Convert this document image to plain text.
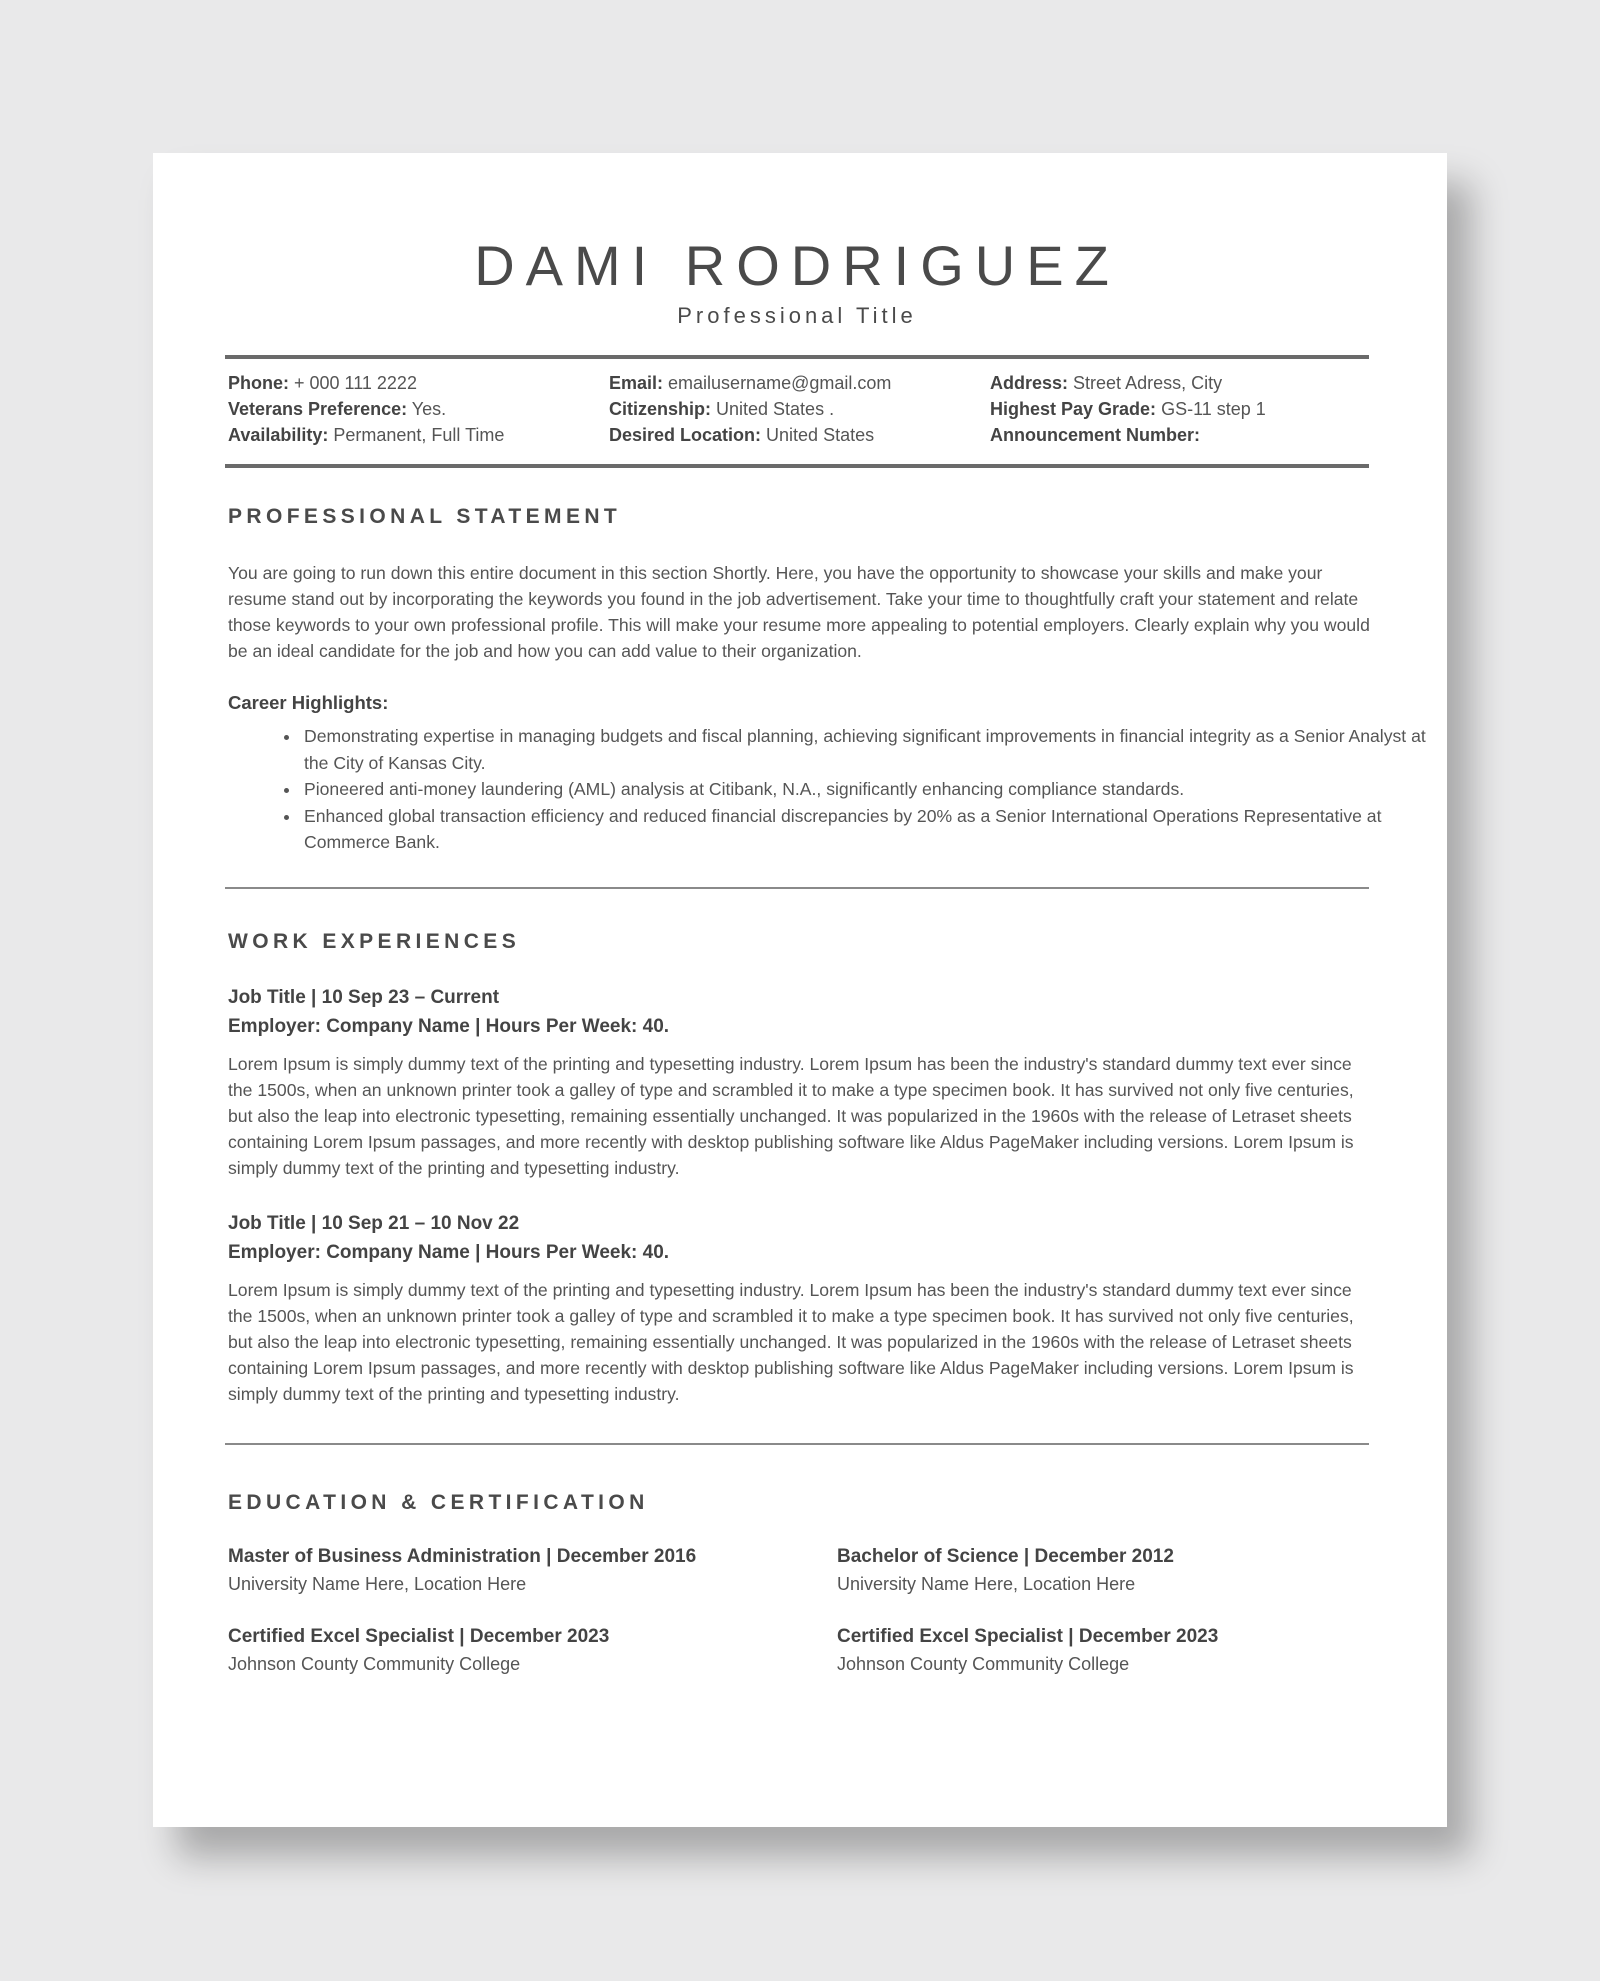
DAMI RODRIGUEZ
Professional Title
Phone: + 000 111 2222
Veterans Preference: Yes.
Availability: Permanent, Full Time
Email: emailusername@gmail.com
Citizenship: United States .
Desired Location: United States
Address: Street Adress, City
Highest Pay Grade: GS-11 step 1
Announcement Number:
PROFESSIONAL STATEMENT
You are going to run down this entire document in this section Shortly. Here, you have the opportunity to showcase your skills and make your resume stand out by incorporating the keywords you found in the job advertisement. Take your time to thoughtfully craft your statement and relate those keywords to your own professional profile. This will make your resume more appealing to potential employers. Clearly explain why you would be an ideal candidate for the job and how you can add value to their organization.
Career Highlights:
• Demonstrating expertise in managing budgets and fiscal planning, achieving significant improvements in financial integrity as a Senior Analyst at the City of Kansas City.
• Pioneered anti-money laundering (AML) analysis at Citibank, N.A., significantly enhancing compliance standards.
• Enhanced global transaction efficiency and reduced financial discrepancies by 20% as a Senior International Operations Representative at Commerce Bank.
WORK EXPERIENCES
Job Title | 10 Sep 23 – Current
Employer: Company Name | Hours Per Week: 40.
Lorem Ipsum is simply dummy text of the printing and typesetting industry. Lorem Ipsum has been the industry's standard dummy text ever since the 1500s, when an unknown printer took a galley of type and scrambled it to make a type specimen book. It has survived not only five centuries, but also the leap into electronic typesetting, remaining essentially unchanged. It was popularized in the 1960s with the release of Letraset sheets containing Lorem Ipsum passages, and more recently with desktop publishing software like Aldus PageMaker including versions. Lorem Ipsum is simply dummy text of the printing and typesetting industry.
Job Title | 10 Sep 21 – 10 Nov 22
Employer: Company Name | Hours Per Week: 40.
Lorem Ipsum is simply dummy text of the printing and typesetting industry. Lorem Ipsum has been the industry's standard dummy text ever since the 1500s, when an unknown printer took a galley of type and scrambled it to make a type specimen book. It has survived not only five centuries, but also the leap into electronic typesetting, remaining essentially unchanged. It was popularized in the 1960s with the release of Letraset sheets containing Lorem Ipsum passages, and more recently with desktop publishing software like Aldus PageMaker including versions. Lorem Ipsum is simply dummy text of the printing and typesetting industry.
EDUCATION & CERTIFICATION
Master of Business Administration | December 2016
University Name Here, Location Here
Bachelor of Science | December 2012
University Name Here, Location Here
Certified Excel Specialist | December 2023
Johnson County Community College
Certified Excel Specialist | December 2023
Johnson County Community College
